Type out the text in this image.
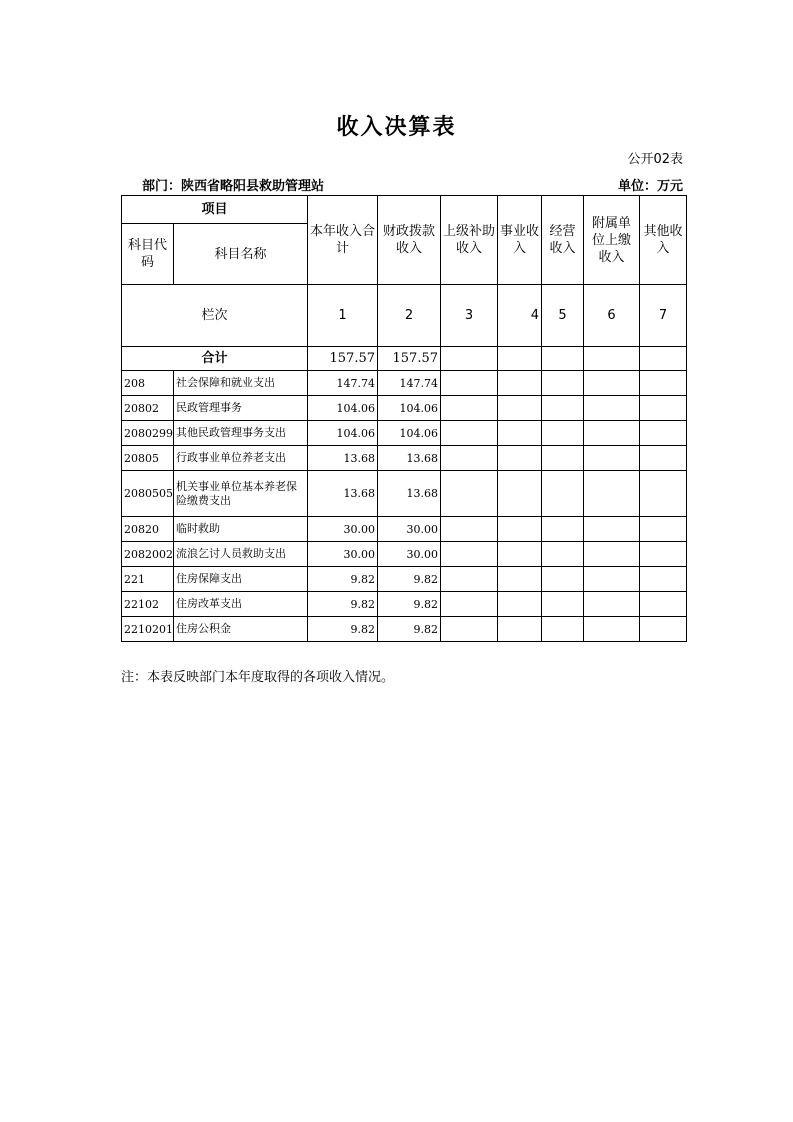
收入决算表
公开02表
部门：陕西省略阳县救助管理站	单位：万元
项目		本年收入合计	财政拨款收入	上级补助收入	事业收入	经营收入	附属单位上缴收入	其他收入
科目代码	科目名称							

栏次		1	2	3	4	5	6	7
合计		157.57	157.57					
208	社会保障和就业支出	147.74	147.74					
20802	民政管理事务	104.06	104.06					
2080299	其他民政管理事务支出	104.06	104.06					
20805	行政事业单位养老支出	13.68	13.68					
2080505	机关事业单位基本养老保险缴费支出	13.68	13.68					
20820	临时救助	30.00	30.00					
2082002	流浪乞讨人员救助支出	30.00	30.00					
221	住房保障支出	9.82	9.82					
22102	住房改革支出	9.82	9.82					
2210201	住房公积金	9.82	9.82					
注：本表反映部门本年度取得的各项收入情况。
